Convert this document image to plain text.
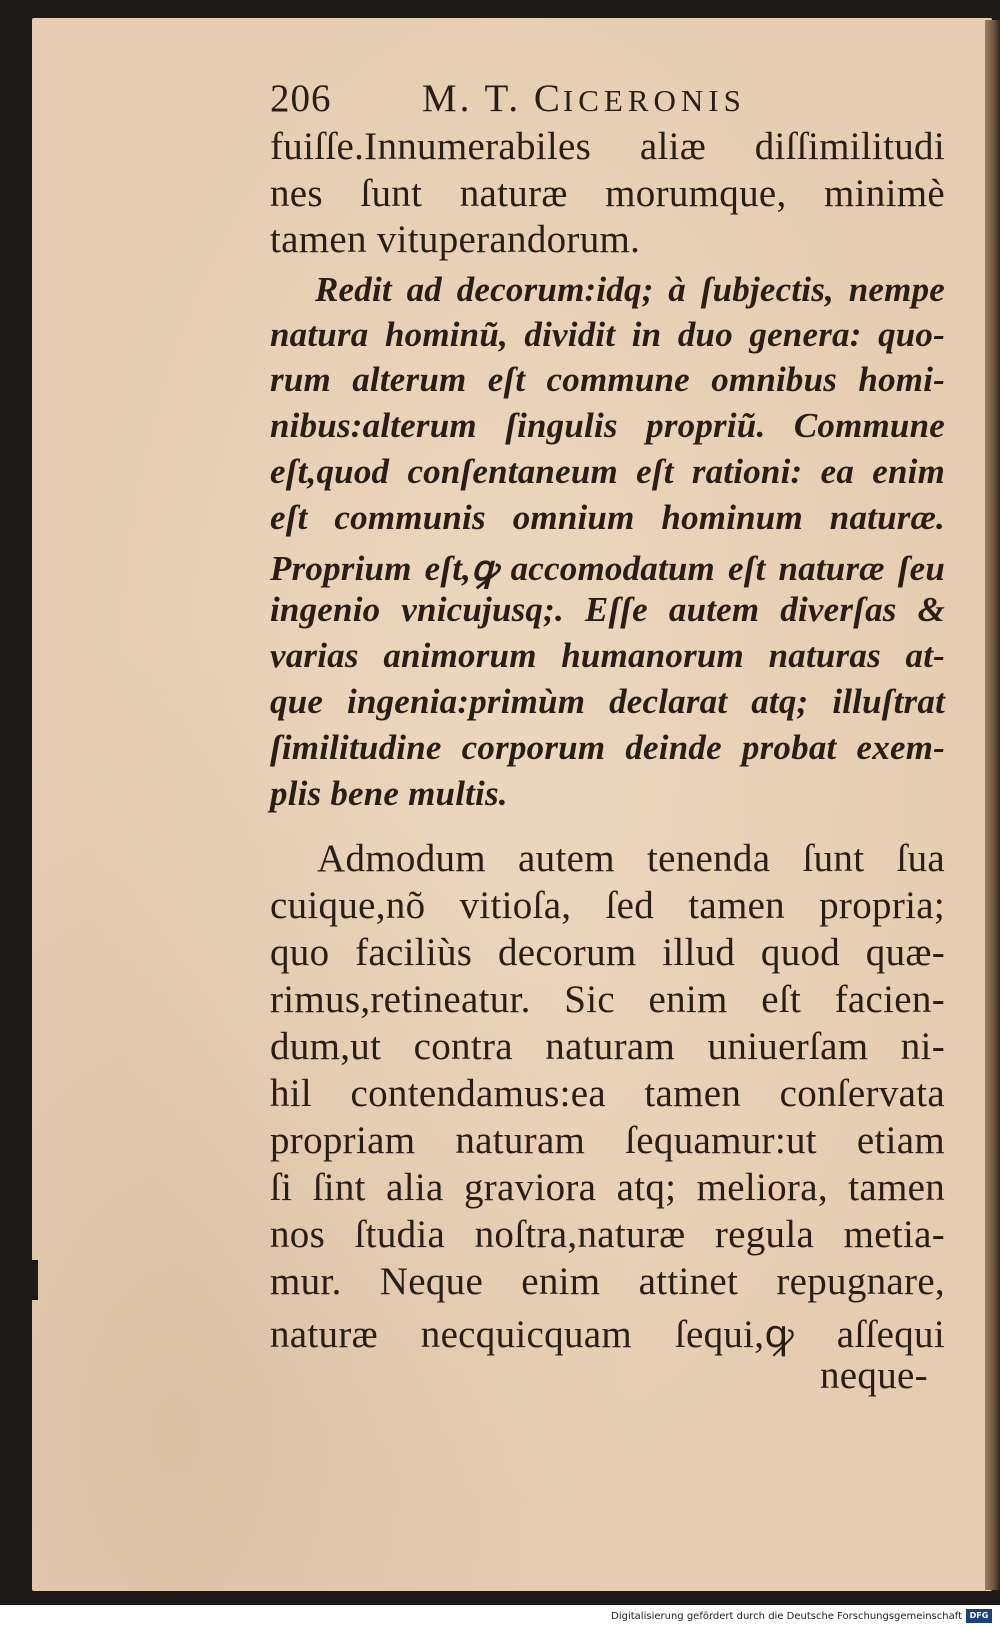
206 M. T. CICERONIS
fuiſſe.Innumerabiles aliæ diſſimilitudi
nes ſunt naturæ morumque, minimè
tamen vituperandorum.
Redit ad decorum:idq; à ſubjectis, nempe
natura hominũ, dividit in duo genera: quo-
rum alterum eſt commune omnibus homi-
nibus:alterum ſingulis propriũ. Commune
eſt,quod conſentaneum eſt rationi: ea enim
eſt communis omnium hominum naturæ.
Proprium eſt,ꝙ accomodatum eſt naturæ ſeu
ingenio vnicujusq;. Eſſe autem diverſas &
varias animorum humanorum naturas at-
que ingenia:primùm declarat atq; illuſtrat
ſimilitudine corporum deinde probat exem-
plis bene multis.
Admodum autem tenenda ſunt ſua
cuique,nõ vitioſa, ſed tamen propria;
quo faciliùs decorum illud quod quæ-
rimus,retineatur. Sic enim eſt facien-
dum,ut contra naturam uniuerſam ni-
hil contendamus:ea tamen conſervata
propriam naturam ſequamur:ut etiam
ſi ſint alia graviora atq; meliora, tamen
nos ſtudia noſtra,naturæ regula metia-
mur. Neque enim attinet repugnare,
naturæ necquicquam ſequi,ꝙ aſſequi
neque-
Digitalisierung gefördert durch die Deutsche Forschungsgemeinschaft DFG
